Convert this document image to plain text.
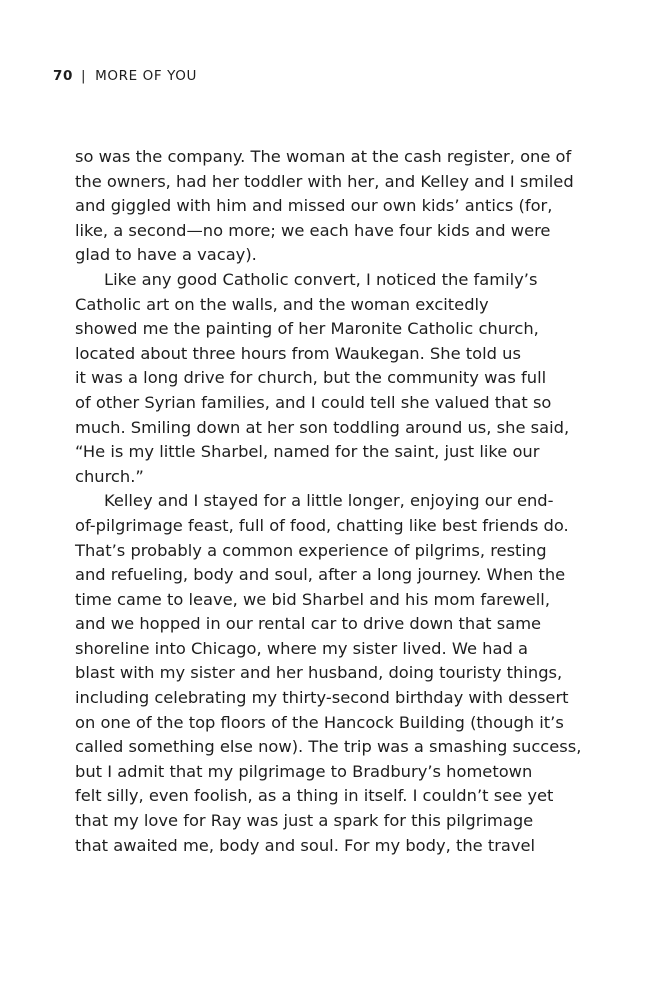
70 | MORE OF YOU
so was the company. The woman at the cash register, one of
the owners, had her toddler with her, and Kelley and I smiled
and giggled with him and missed our own kids’ antics (for,
like, a second—no more; we each have four kids and were
glad to have a vacay).
Like any good Catholic convert, I noticed the family’s
Catholic art on the walls, and the woman excitedly
showed me the painting of her Maronite Catholic church,
located about three hours from Waukegan. She told us
it was a long drive for church, but the community was full
of other Syrian families, and I could tell she valued that so
much. Smiling down at her son toddling around us, she said,
“He is my little Sharbel, named for the saint, just like our
church.”
Kelley and I stayed for a little longer, enjoying our end-
of-pilgrimage feast, full of food, chatting like best friends do.
That’s probably a common experience of pilgrims, resting
and refueling, body and soul, after a long journey. When the
time came to leave, we bid Sharbel and his mom farewell,
and we hopped in our rental car to drive down that same
shoreline into Chicago, where my sister lived. We had a
blast with my sister and her husband, doing touristy things,
including celebrating my thirty-second birthday with dessert
on one of the top floors of the Hancock Building (though it’s
called something else now). The trip was a smashing success,
but I admit that my pilgrimage to Bradbury’s hometown
felt silly, even foolish, as a thing in itself. I couldn’t see yet
that my love for Ray was just a spark for this pilgrimage
that awaited me, body and soul. For my body, the travel
